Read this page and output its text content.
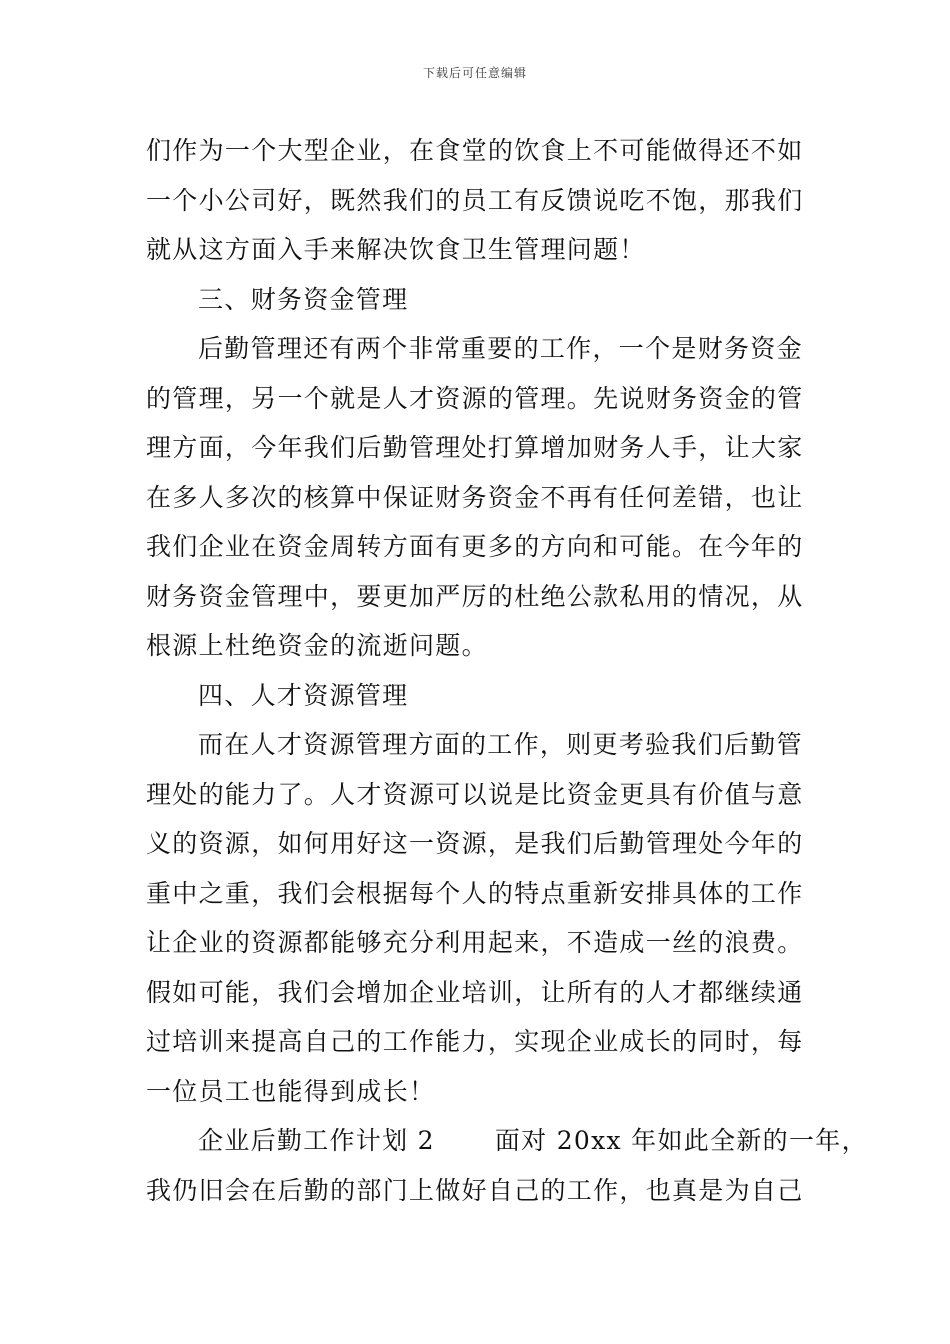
下载后可任意编辑
们作为一个大型企业，在食堂的饮食上不可能做得还不如
一个小公司好，既然我们的员工有反馈说吃不饱，那我们
就从这方面入手来解决饮食卫生管理问题！
三、财务资金管理
后勤管理还有两个非常重要的工作，一个是财务资金
的管理，另一个就是人才资源的管理。先说财务资金的管
理方面，今年我们后勤管理处打算增加财务人手，让大家
在多人多次的核算中保证财务资金不再有任何差错，也让
我们企业在资金周转方面有更多的方向和可能。在今年的
财务资金管理中，要更加严厉的杜绝公款私用的情况，从
根源上杜绝资金的流逝问题。
四、人才资源管理
而在人才资源管理方面的工作，则更考验我们后勤管
理处的能力了。人才资源可以说是比资金更具有价值与意
义的资源，如何用好这一资源，是我们后勤管理处今年的
重中之重，我们会根据每个人的特点重新安排具体的工作
让企业的资源都能够充分利用起来，不造成一丝的浪费。
假如可能，我们会增加企业培训，让所有的人才都继续通
过培训来提高自己的工作能力，实现企业成长的同时，每
一位员工也能得到成长！
企业后勤工作计划 2 面对 20xx 年如此全新的一年，
我仍旧会在后勤的部门上做好自己的工作，也真是为自己
